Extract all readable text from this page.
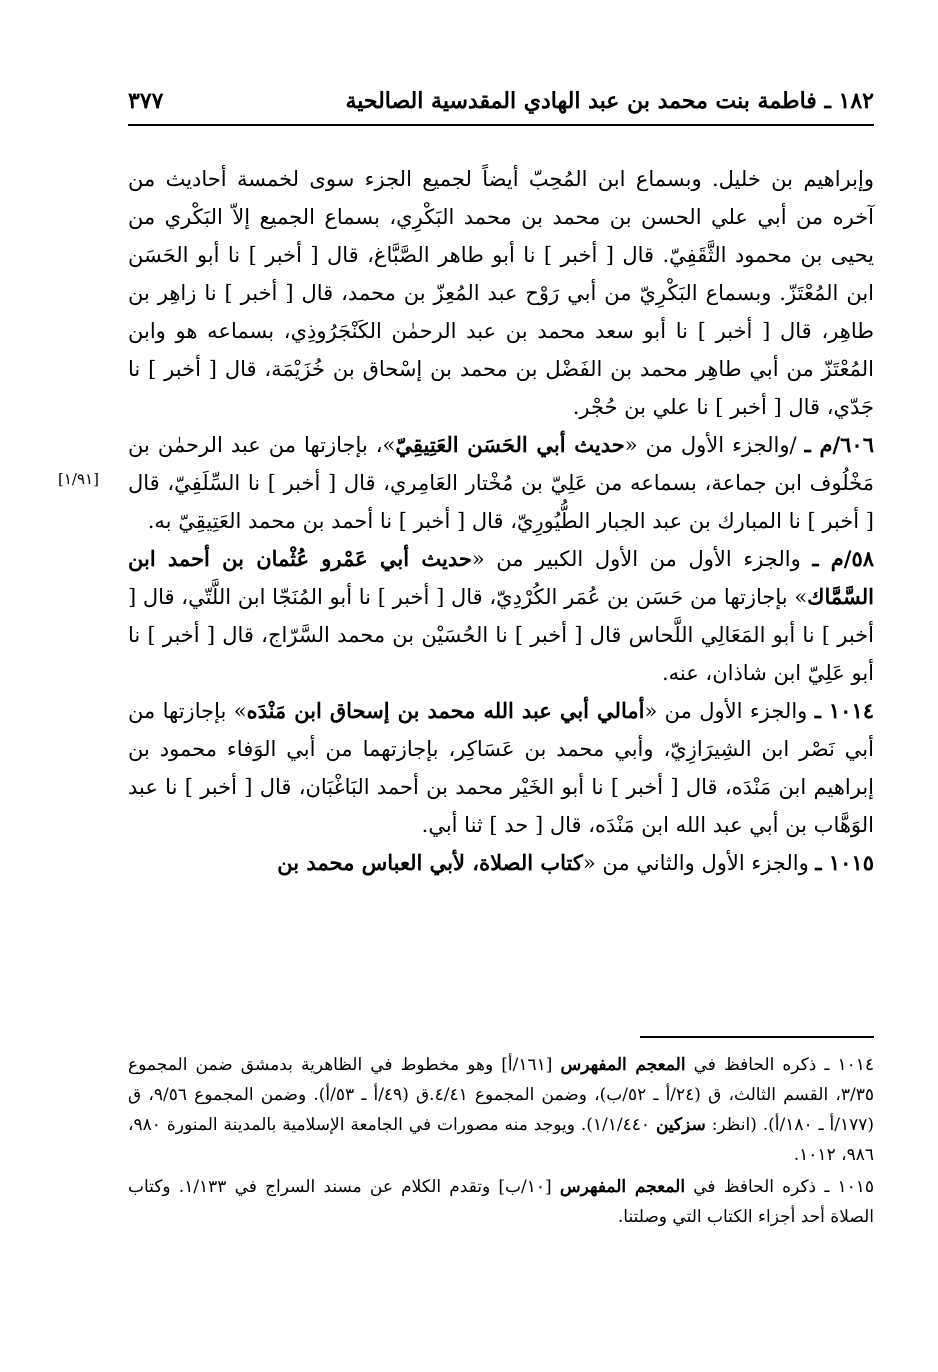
١٨٢ ـ فاطمة بنت محمد بن عبد الهادي المقدسية الصالحية
٣٧٧
[١/٩١]

وإبراهيم بن خليل. وبسماع ابن المُحِبّ أيضاً لجميع الجزء سوى لخمسة أحاديث من آخره من أبي علي الحسن بن محمد بن محمد البَكْرِي، بسماع الجميع إلاّ البَكْري من يحيى بن محمود الثَّقَفِيّ. قال [ أخبر ] نا أبو طاهر الصَّبَّاغ، قال [ أخبر ] نا أبو الحَسَن ابن المُعْتَزّ. وبسماع البَكْرِيّ من أبي رَوْح عبد المُعِزّ بن محمد، قال [ أخبر ] نا زاهِر بن طاهِر، قال [ أخبر ] نا أبو سعد محمد بن عبد الرحمٰن الكَنْجَرُوذِي، بسماعه هو وابن المُعْتَزّ من أبي طاهِر محمد بن الفَضْل بن محمد بن إسْحاق بن خُزَيْمَة، قال [ أخبر ] نا جَدّي، قال [ أخبر ] نا علي بن حُجْر.

٦٠٦/م ـ /والجزء الأول من «حديث أبي الحَسَن العَتِيقِيّ»، بإجازتها من عبد الرحمٰن بن مَخْلُوف ابن جماعة، بسماعه من عَلِيّ بن مُخْتار العَامِري، قال [ أخبر ] نا السِّلَفِيّ، قال [ أخبر ] نا المبارك بن عبد الجبار الطُّيُورِيّ، قال [ أخبر ] نا أحمد بن محمد العَتِيقِيّ به.

٥٨/م ـ والجزء الأول من الأول الكبير من «حديث أبي عَمْرو عُثْمان بن أحمد ابن السَّمَّاك» بإجازتها من حَسَن بن عُمَر الكُرْدِيّ، قال [ أخبر ] نا أبو المُنَجّا ابن اللَّتّي، قال [ أخبر ] نا أبو المَعَالِي اللَّحاس قال [ أخبر ] نا الحُسَيْن بن محمد السَّرّاج، قال [ أخبر ] نا أبو عَلِيّ ابن شاذان، عنه.

١٠١٤ ـ والجزء الأول من «أمالي أبي عبد الله محمد بن إسحاق ابن مَنْدَه» بإجازتها من أبي نَصْر ابن الشِيرَازِيّ، وأبي محمد بن عَسَاكِر، بإجازتهما من أبي الوَفاء محمود بن إبراهيم ابن مَنْدَه، قال [ أخبر ] نا أبو الخَيْر محمد بن أحمد البَاغْبَان، قال [ أخبر ] نا عبد الوَهَّاب بن أبي عبد الله ابن مَنْدَه، قال [ حد ] ثنا أبي.

١٠١٥ ـ والجزء الأول والثاني من «كتاب الصلاة، لأبي العباس محمد بن

١٠١٤ ـ ذكره الحافظ في المعجم المفهرس [١٦١/أ] وهو مخطوط في الظاهرية بدمشق ضمن المجموع ٣/٣٥، القسم الثالث، ق (٢٤/أ ـ ٥٢/ب)، وضمن المجموع ٤/٤١.ق (٤٩/أ ـ ٥٣/أ). وضمن المجموع ٩/٥٦، ق (١٧٧/أ ـ ١٨٠/أ). (انظر: سزكين ١/١/٤٤٠). ويوجد منه مصورات في الجامعة الإسلامية بالمدينة المنورة ٩٨٠، ٩٨٦، ١٠١٢.

١٠١٥ ـ ذكره الحافظ في المعجم المفهرس [١٠/ب] وتقدم الكلام عن مسند السراج في ١/١٣٣. وكتاب الصلاة أحد أجزاء الكتاب التي وصلتنا.
